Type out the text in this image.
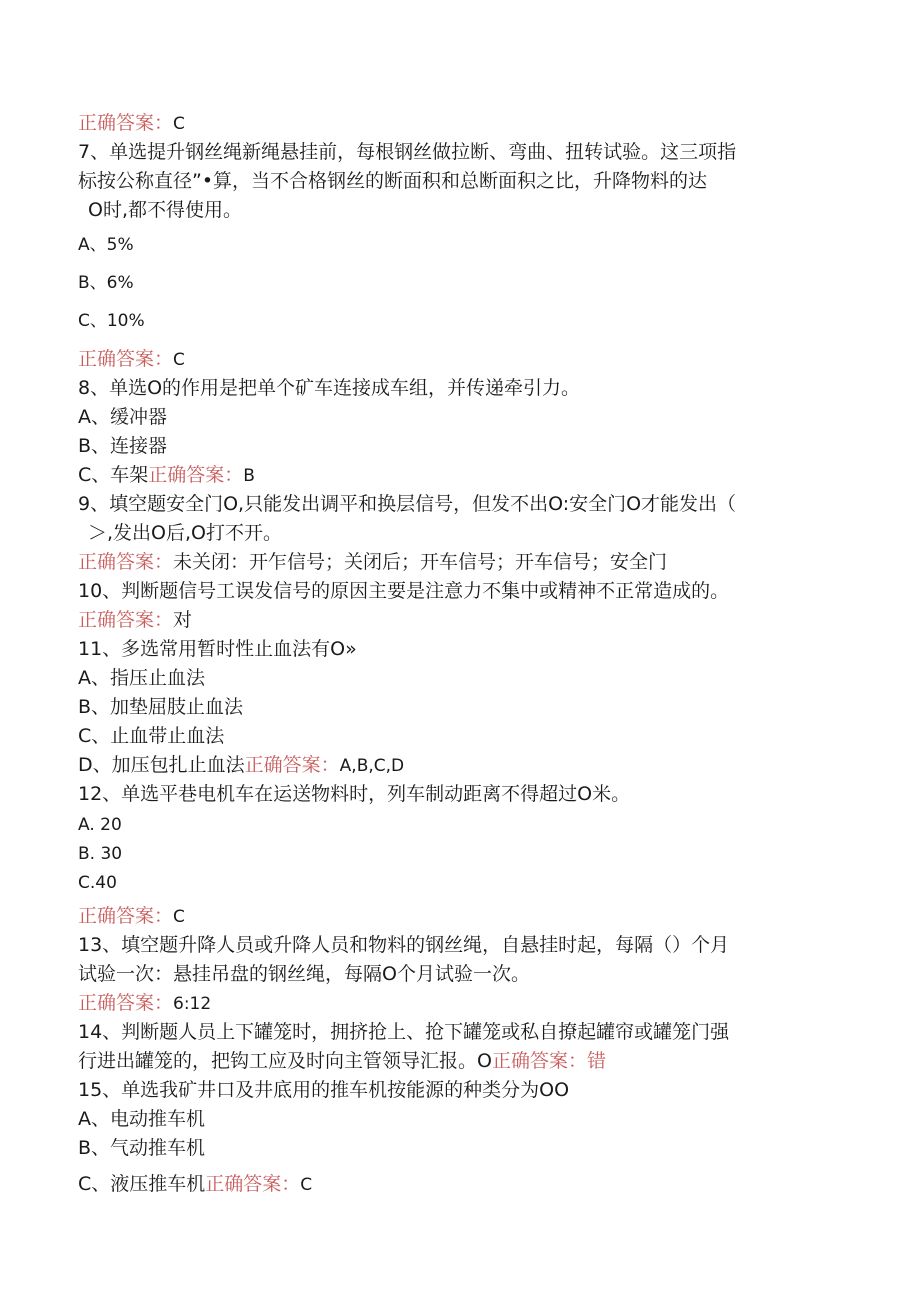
正确答案：C
7、单选提升钢丝绳新绳悬挂前，每根钢丝做拉断、弯曲、扭转试验。这三项指
标按公称直径”•算，当不合格钢丝的断面积和总断面积之比，升降物料的达
O时,都不得使用。
A、5%
B、6%
C、10%
正确答案：C
8、单选O的作用是把单个矿车连接成车组，并传递牵引力。
A、缓冲器
B、连接器
C、车架正确答案：B
9、填空题安全门O,只能发出调平和换层信号，但发不出O:安全门O才能发出（
＞,发出O后,O打不开。
正确答案：未关闭：开乍信号；关闭后；开车信号；开车信号；安全门
10、判断题信号工误发信号的原因主要是注意力不集中或精神不正常造成的。
正确答案：对
11、多选常用暂时性止血法有O»
A、指压止血法
B、加垫屈肢止血法
C、止血带止血法
D、加压包扎止血法正确答案：A,B,C,D
12、单选平巷电机车在运送物料时，列车制动距离不得超过O米。
A. 20
B. 30
C.40
正确答案：C
13、填空题升降人员或升降人员和物料的钢丝绳，自悬挂时起，每隔（）个月
试验一次：悬挂吊盘的钢丝绳，每隔O个月试验一次。
正确答案：6:12
14、判断题人员上下罐笼时，拥挤抢上、抢下罐笼或私自撩起罐帘或罐笼门强
行进出罐笼的，把钩工应及时向主管领导汇报。O正确答案：错
15、单选我矿井口及井底用的推车机按能源的种类分为OO
A、电动推车机
B、气动推车机
C、液压推车机正确答案：C
